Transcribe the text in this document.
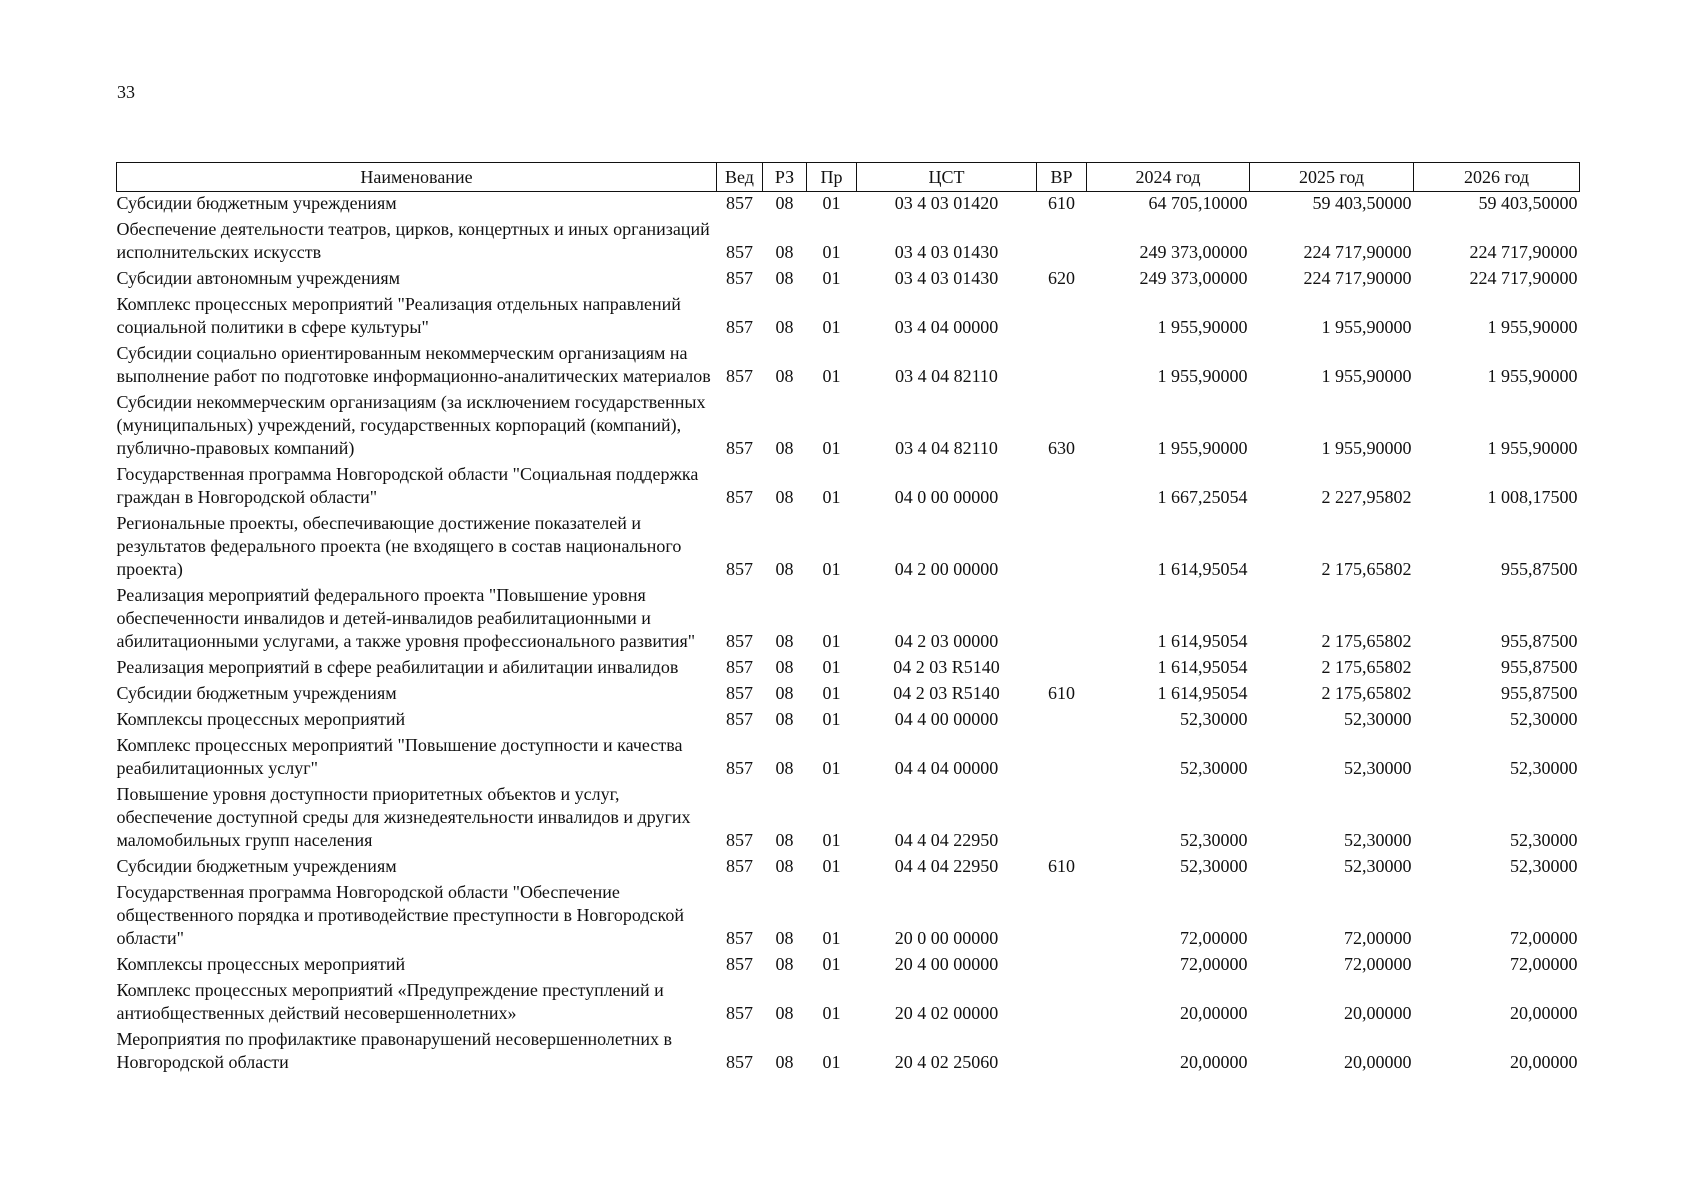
33
Наименование	Вед	РЗ	Пр	ЦСТ	ВР	2024 год	2025 год	2026 год
Субсидии бюджетным учреждениям	857	08	01	03 4 03 01420	610	64 705,10000	59 403,50000	59 403,50000
Обеспечение деятельности театров, цирков, концертных и иных организаций исполнительских искусств	857	08	01	03 4 03 01430		249 373,00000	224 717,90000	224 717,90000
Субсидии автономным учреждениям	857	08	01	03 4 03 01430	620	249 373,00000	224 717,90000	224 717,90000
Комплекс процессных мероприятий "Реализация отдельных направлений социальной политики в сфере культуры"	857	08	01	03 4 04 00000		1 955,90000	1 955,90000	1 955,90000
Субсидии социально ориентированным некоммерческим организациям на выполнение работ по подготовке информационно-аналитических материалов	857	08	01	03 4 04 82110		1 955,90000	1 955,90000	1 955,90000
Субсидии некоммерческим организациям (за исключением государственных (муниципальных) учреждений, государственных корпораций (компаний), публично-правовых компаний)	857	08	01	03 4 04 82110	630	1 955,90000	1 955,90000	1 955,90000
Государственная программа Новгородской области "Социальная поддержка граждан в Новгородской области"	857	08	01	04 0 00 00000		1 667,25054	2 227,95802	1 008,17500
Региональные проекты, обеспечивающие достижение показателей и результатов федерального проекта (не входящего в состав национального проекта)	857	08	01	04 2 00 00000		1 614,95054	2 175,65802	955,87500
Реализация мероприятий федерального проекта "Повышение уровня обеспеченности инвалидов и детей-инвалидов реабилитационными и абилитационными услугами, а также уровня профессионального развития"	857	08	01	04 2 03 00000		1 614,95054	2 175,65802	955,87500
Реализация мероприятий в сфере реабилитации и абилитации инвалидов	857	08	01	04 2 03 R5140		1 614,95054	2 175,65802	955,87500
Субсидии бюджетным учреждениям	857	08	01	04 2 03 R5140	610	1 614,95054	2 175,65802	955,87500
Комплексы процессных мероприятий	857	08	01	04 4 00 00000		52,30000	52,30000	52,30000
Комплекс процессных мероприятий "Повышение доступности и качества реабилитационных услуг"	857	08	01	04 4 04 00000		52,30000	52,30000	52,30000
Повышение уровня доступности приоритетных объектов и услуг, обеспечение доступной среды для жизнедеятельности инвалидов и других маломобильных групп населения	857	08	01	04 4 04 22950		52,30000	52,30000	52,30000
Субсидии бюджетным учреждениям	857	08	01	04 4 04 22950	610	52,30000	52,30000	52,30000
Государственная программа Новгородской области "Обеспечение общественного порядка и противодействие преступности в Новгородской области"	857	08	01	20 0 00 00000		72,00000	72,00000	72,00000
Комплексы процессных мероприятий	857	08	01	20 4 00 00000		72,00000	72,00000	72,00000
Комплекс процессных мероприятий «Предупреждение преступлений и антиобщественных действий несовершеннолетних»	857	08	01	20 4 02 00000		20,00000	20,00000	20,00000
Мероприятия по профилактике правонарушений несовершеннолетних в Новгородской области	857	08	01	20 4 02 25060		20,00000	20,00000	20,00000
